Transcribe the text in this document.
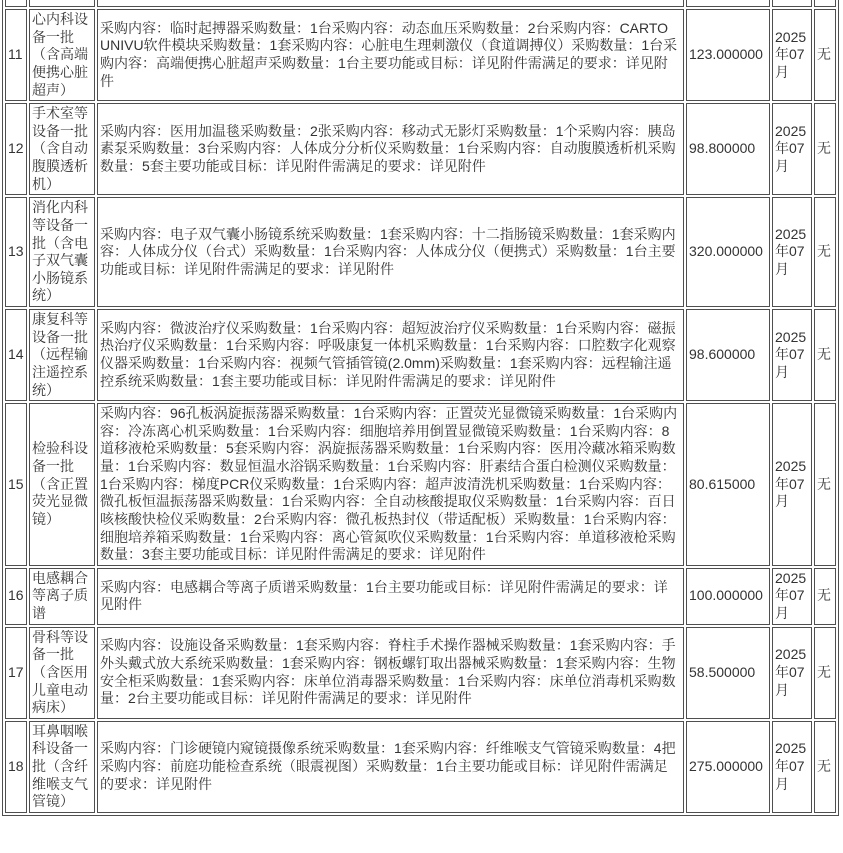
11	心内科设备一批（含高端便携心脏超声）	采购内容：临时起搏器采购数量：1台采购内容：动态血压采购数量：2台采购内容：CARTO UNIVU软件模块采购数量：1套采购内容：心脏电生理刺激仪（食道调搏仪）采购数量：1台采购内容：高端便携心脏超声采购数量：1台主要功能或目标：详见附件需满足的要求：详见附件	123.000000	2025年07月	无
12	手术室等设备一批（含自动腹膜透析机）	采购内容：医用加温毯采购数量：2张采购内容：移动式无影灯采购数量：1个采购内容：胰岛素泵采购数量：3台采购内容：人体成分分析仪采购数量：1台采购内容：自动腹膜透析机采购数量：5套主要功能或目标：详见附件需满足的要求：详见附件	98.800000	2025年07月	无
13	消化内科等设备一批（含电子双气囊小肠镜系统）	采购内容：电子双气囊小肠镜系统采购数量：1套采购内容：十二指肠镜采购数量：1套采购内容：人体成分仪（台式）采购数量：1台采购内容：人体成分仪（便携式）采购数量：1台主要功能或目标：详见附件需满足的要求：详见附件	320.000000	2025年07月	无
14	康复科等设备一批（远程输注遥控系统）	采购内容：微波治疗仪采购数量：1台采购内容：超短波治疗仪采购数量：1台采购内容：磁振热治疗仪采购数量：1台采购内容：呼吸康复一体机采购数量：1台采购内容：口腔数字化观察仪器采购数量：1台采购内容：视频气管插管镜(2.0mm)采购数量：1套采购内容：远程输注遥控系统采购数量：1套主要功能或目标：详见附件需满足的要求：详见附件	98.600000	2025年07月	无
15	检验科设备一批（含正置荧光显微镜）	采购内容：96孔板涡旋振荡器采购数量：1台采购内容：正置荧光显微镜采购数量：1台采购内容：冷冻离心机采购数量：1台采购内容：细胞培养用倒置显微镜采购数量：1台采购内容：8道移液枪采购数量：5套采购内容：涡旋振荡器采购数量：1台采购内容：医用冷藏冰箱采购数量：1台采购内容：数显恒温水浴锅采购数量：1台采购内容：肝素结合蛋白检测仪采购数量：1台采购内容：梯度PCR仪采购数量：1台采购内容：超声波清洗机采购数量：1台采购内容：微孔板恒温振荡器采购数量：1台采购内容：全自动核酸提取仪采购数量：1台采购内容：百日咳核酸快检仪采购数量：2台采购内容：微孔板热封仪（带适配板）采购数量：1台采购内容：细胞培养箱采购数量：1台采购内容：离心管氮吹仪采购数量：1台采购内容：单道移液枪采购数量：3套主要功能或目标：详见附件需满足的要求：详见附件	80.615000	2025年07月	无
16	电感耦合等离子质谱	采购内容：电感耦合等离子质谱采购数量：1台主要功能或目标：详见附件需满足的要求：详见附件	100.000000	2025年07月	无
17	骨科等设备一批（含医用儿童电动病床）	采购内容：设施设备采购数量：1套采购内容：脊柱手术操作器械采购数量：1套采购内容：手外头戴式放大系统采购数量：1套采购内容：钢板螺钉取出器械采购数量：1套采购内容：生物安全柜采购数量：1套采购内容：床单位消毒器采购数量：1台采购内容：床单位消毒机采购数量：2台主要功能或目标：详见附件需满足的要求：详见附件	58.500000	2025年07月	无
18	耳鼻咽喉科设备一批（含纤维喉支气管镜）	采购内容：门诊硬镜内窥镜摄像系统采购数量：1套采购内容：纤维喉支气管镜采购数量：4把采购内容：前庭功能检查系统（眼震视图）采购数量：1台主要功能或目标：详见附件需满足的要求：详见附件	275.000000	2025年07月	无
